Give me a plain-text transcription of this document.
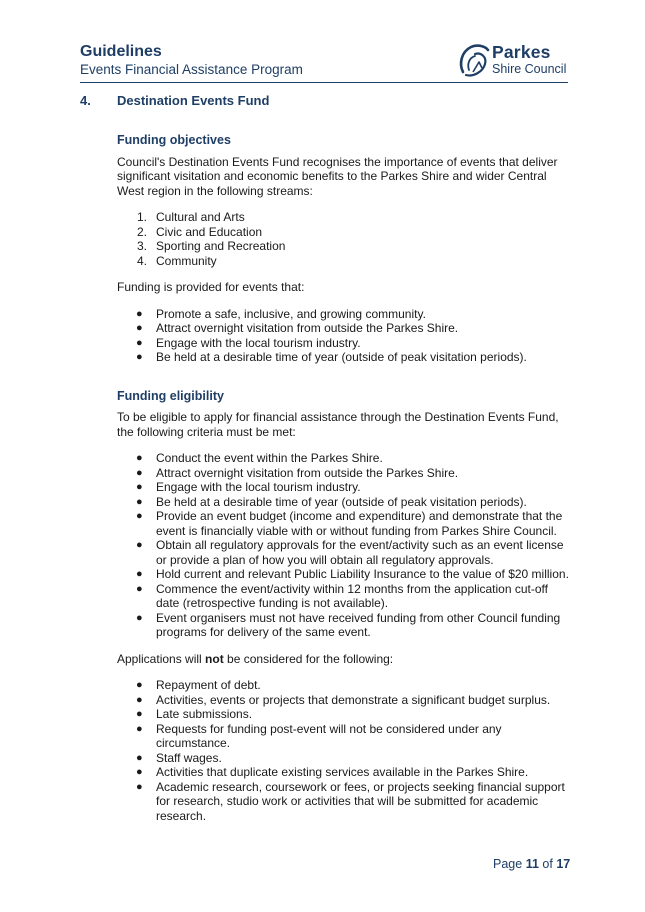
Guidelines
Events Financial Assistance Program
Parkes
Shire Council
4. Destination Events Fund
Funding objectives

Council's Destination Events Fund recognises the importance of events that deliver significant visitation and economic benefits to the Parkes Shire and wider Central West region in the following streams:

1. Cultural and Arts
2. Civic and Education
3. Sporting and Recreation
4. Community

Funding is provided for events that:

● Promote a safe, inclusive, and growing community.
● Attract overnight visitation from outside the Parkes Shire.
● Engage with the local tourism industry.
● Be held at a desirable time of year (outside of peak visitation periods).
Funding eligibility

To be eligible to apply for financial assistance through the Destination Events Fund, the following criteria must be met:

● Conduct the event within the Parkes Shire.
● Attract overnight visitation from outside the Parkes Shire.
● Engage with the local tourism industry.
● Be held at a desirable time of year (outside of peak visitation periods).
● Provide an event budget (income and expenditure) and demonstrate that the event is financially viable with or without funding from Parkes Shire Council.
● Obtain all regulatory approvals for the event/activity such as an event license or provide a plan of how you will obtain all regulatory approvals.
● Hold current and relevant Public Liability Insurance to the value of $20 million.
● Commence the event/activity within 12 months from the application cut-off date (retrospective funding is not available).
● Event organisers must not have received funding from other Council funding programs for delivery of the same event.

Applications will not be considered for the following:

● Repayment of debt.
● Activities, events or projects that demonstrate a significant budget surplus.
● Late submissions.
● Requests for funding post-event will not be considered under any circumstance.
● Staff wages.
● Activities that duplicate existing services available in the Parkes Shire.
● Academic research, coursework or fees, or projects seeking financial support for research, studio work or activities that will be submitted for academic research.
Page 11 of 17
